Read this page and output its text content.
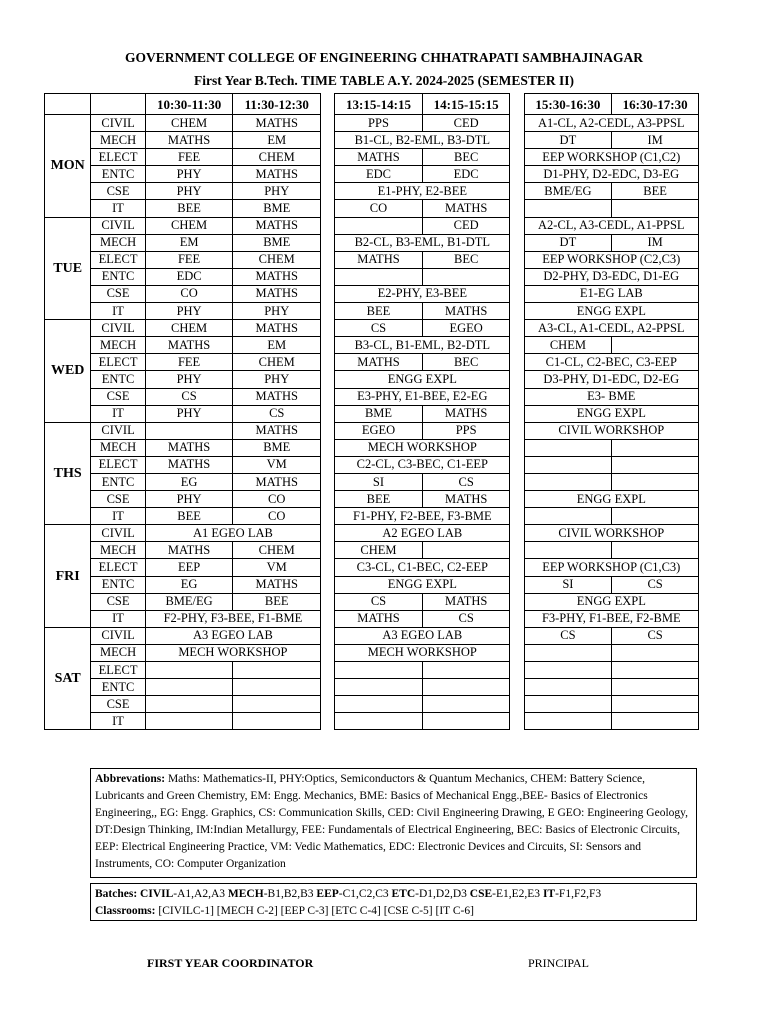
GOVERNMENT COLLEGE OF ENGINEERING CHHATRAPATI SAMBHAJINAGAR
First Year B.Tech. TIME TABLE A.Y. 2024-2025 (SEMESTER II)
		10:30-11:30	11:30-12:30		13:15-14:15	14:15-15:15		15:30-16:30	16:30-17:30
MON	CIVIL	CHEM	MATHS		PPS	CED		A1-CL, A2-CEDL, A3-PPSL	
	MECH	MATHS	EM		B1-CL, B2-EML, B3-DTL			DT	IM
	ELECT	FEE	CHEM		MATHS	BEC		EEP WORKSHOP (C1,C2)	
	ENTC	PHY	MATHS		EDC	EDC		D1-PHY, D2-EDC, D3-EG	
	CSE	PHY	PHY		E1-PHY, E2-BEE			BME/EG	BEE
	IT	BEE	BME		CO	MATHS			
TUE	CIVIL	CHEM	MATHS			CED		A2-CL, A3-CEDL, A1-PPSL	
	MECH	EM	BME		B2-CL, B3-EML, B1-DTL			DT	IM
	ELECT	FEE	CHEM		MATHS	BEC		EEP WORKSHOP (C2,C3)	
	ENTC	EDC	MATHS					D2-PHY, D3-EDC, D1-EG	
	CSE	CO	MATHS		E2-PHY, E3-BEE			E1-EG LAB	
	IT	PHY	PHY		BEE	MATHS		ENGG EXPL	
WED	CIVIL	CHEM	MATHS		CS	EGEO		A3-CL, A1-CEDL, A2-PPSL	
	MECH	MATHS	EM		B3-CL, B1-EML, B2-DTL			CHEM	
	ELECT	FEE	CHEM		MATHS	BEC		C1-CL, C2-BEC, C3-EEP	
	ENTC	PHY	PHY		ENGG EXPL			D3-PHY, D1-EDC, D2-EG	
	CSE	CS	MATHS		E3-PHY, E1-BEE, E2-EG			E3- BME	
	IT	PHY	CS		BME	MATHS		ENGG EXPL	
THS	CIVIL		MATHS		EGEO	PPS		CIVIL WORKSHOP	
	MECH	MATHS	BME		MECH WORKSHOP				
	ELECT	MATHS	VM		C2-CL, C3-BEC, C1-EEP				
	ENTC	EG	MATHS		SI	CS			
	CSE	PHY	CO		BEE	MATHS		ENGG EXPL	
	IT	BEE	CO		F1-PHY, F2-BEE, F3-BME				
FRI	CIVIL	A1 EGEO LAB			A2 EGEO LAB			CIVIL WORKSHOP	
	MECH	MATHS	CHEM		CHEM				
	ELECT	EEP	VM		C3-CL, C1-BEC, C2-EEP			EEP WORKSHOP (C1,C3)	
	ENTC	EG	MATHS		ENGG EXPL			SI	CS
	CSE	BME/EG	BEE		CS	MATHS		ENGG EXPL	
	IT	F2-PHY, F3-BEE, F1-BME			MATHS	CS		F3-PHY, F1-BEE, F2-BME	
SAT	CIVIL	A3 EGEO LAB			A3 EGEO LAB			CS	CS
	MECH	MECH WORKSHOP			MECH WORKSHOP				
	ELECT								
	ENTC								
	CSE								
	IT								
Abbrevations: Maths: Mathematics-II, PHY:Optics, Semiconductors & Quantum Mechanics, CHEM: Battery Science, Lubricants and Green Chemistry, EM: Engg. Mechanics, BME: Basics of Mechanical Engg.,BEE- Basics of Electronics Engineering,, EG: Engg. Graphics, CS: Communication Skills, CED: Civil Engineering Drawing, E GEO: Engineering Geology, DT:Design Thinking, IM:Indian Metallurgy, FEE: Fundamentals of Electrical Engineering, BEC: Basics of Electronic Circuits, EEP: Electrical Engineering Practice, VM: Vedic Mathematics, EDC: Electronic Devices and Circuits, SI: Sensors and Instruments, CO: Computer Organization
Batches: CIVIL-A1,A2,A3 MECH-B1,B2,B3 EEP-C1,C2,C3 ETC-D1,D2,D3 CSE-E1,E2,E3 IT-F1,F2,F3
Classrooms: [CIVILC-1] [MECH C-2] [EEP C-3] [ETC C-4] [CSE C-5] [IT C-6]
FIRST YEAR COORDINATOR	PRINCIPAL
